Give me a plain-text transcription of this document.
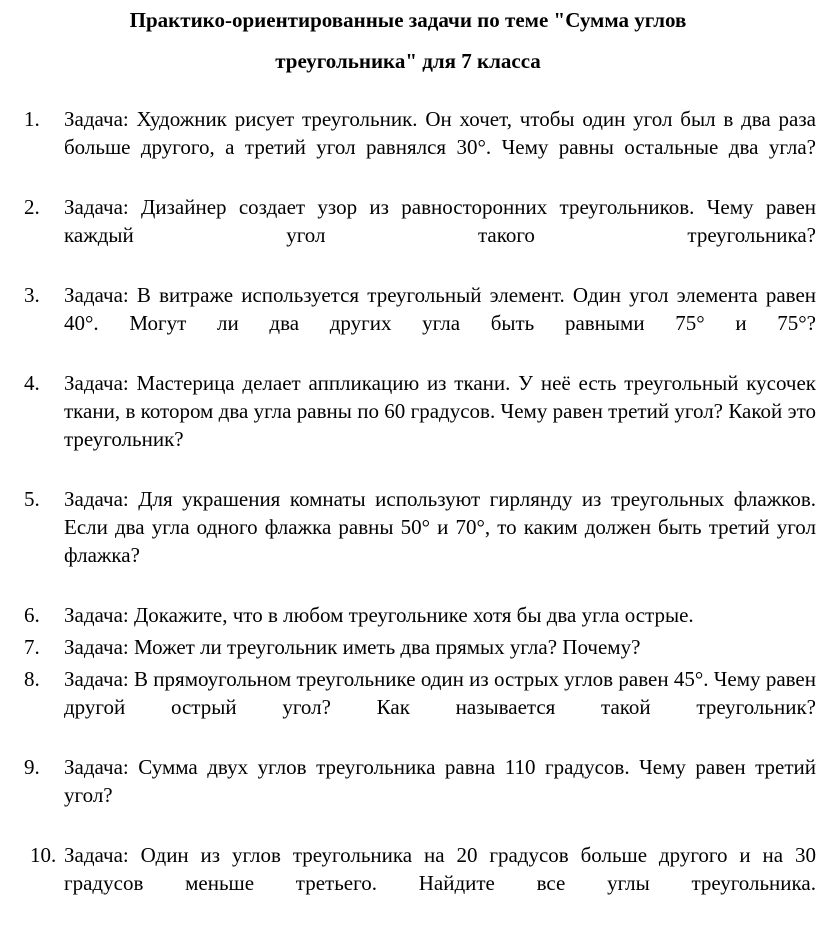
Практико-ориентированные задачи по теме "Сумма углов
треугольника" для 7 класса
1.	Задача: Художник рисует треугольник. Он хочет, чтобы один угол был в два раза больше другого, а третий угол равнялся 30°. Чему равны остальные два угла?
2.	Задача: Дизайнер создает узор из равносторонних треугольников. Чему равен каждый угол такого треугольника?
3.	Задача: В витраже используется треугольный элемент. Один угол элемента равен 40°. Могут ли два других угла быть равными 75° и 75°?
4.	Задача: Мастерица делает аппликацию из ткани. У неё есть треугольный кусочек ткани, в котором два угла равны по 60 градусов. Чему равен третий угол? Какой это треугольник?
5.	Задача: Для украшения комнаты используют гирлянду из треугольных флажков. Если два угла одного флажка равны 50° и 70°, то каким должен быть третий угол флажка?
6.	Задача: Докажите, что в любом треугольнике хотя бы два угла острые.
7.	Задача: Может ли треугольник иметь два прямых угла? Почему?
8.	Задача: В прямоугольном треугольнике один из острых углов равен 45°. Чему равен другой острый угол? Как называется такой треугольник?
9.	Задача: Сумма двух углов треугольника равна 110 градусов. Чему равен третий угол?
10. Задача: Один из углов треугольника на 20 градусов больше другого и на 30 градусов меньше третьего. Найдите все углы треугольника.
